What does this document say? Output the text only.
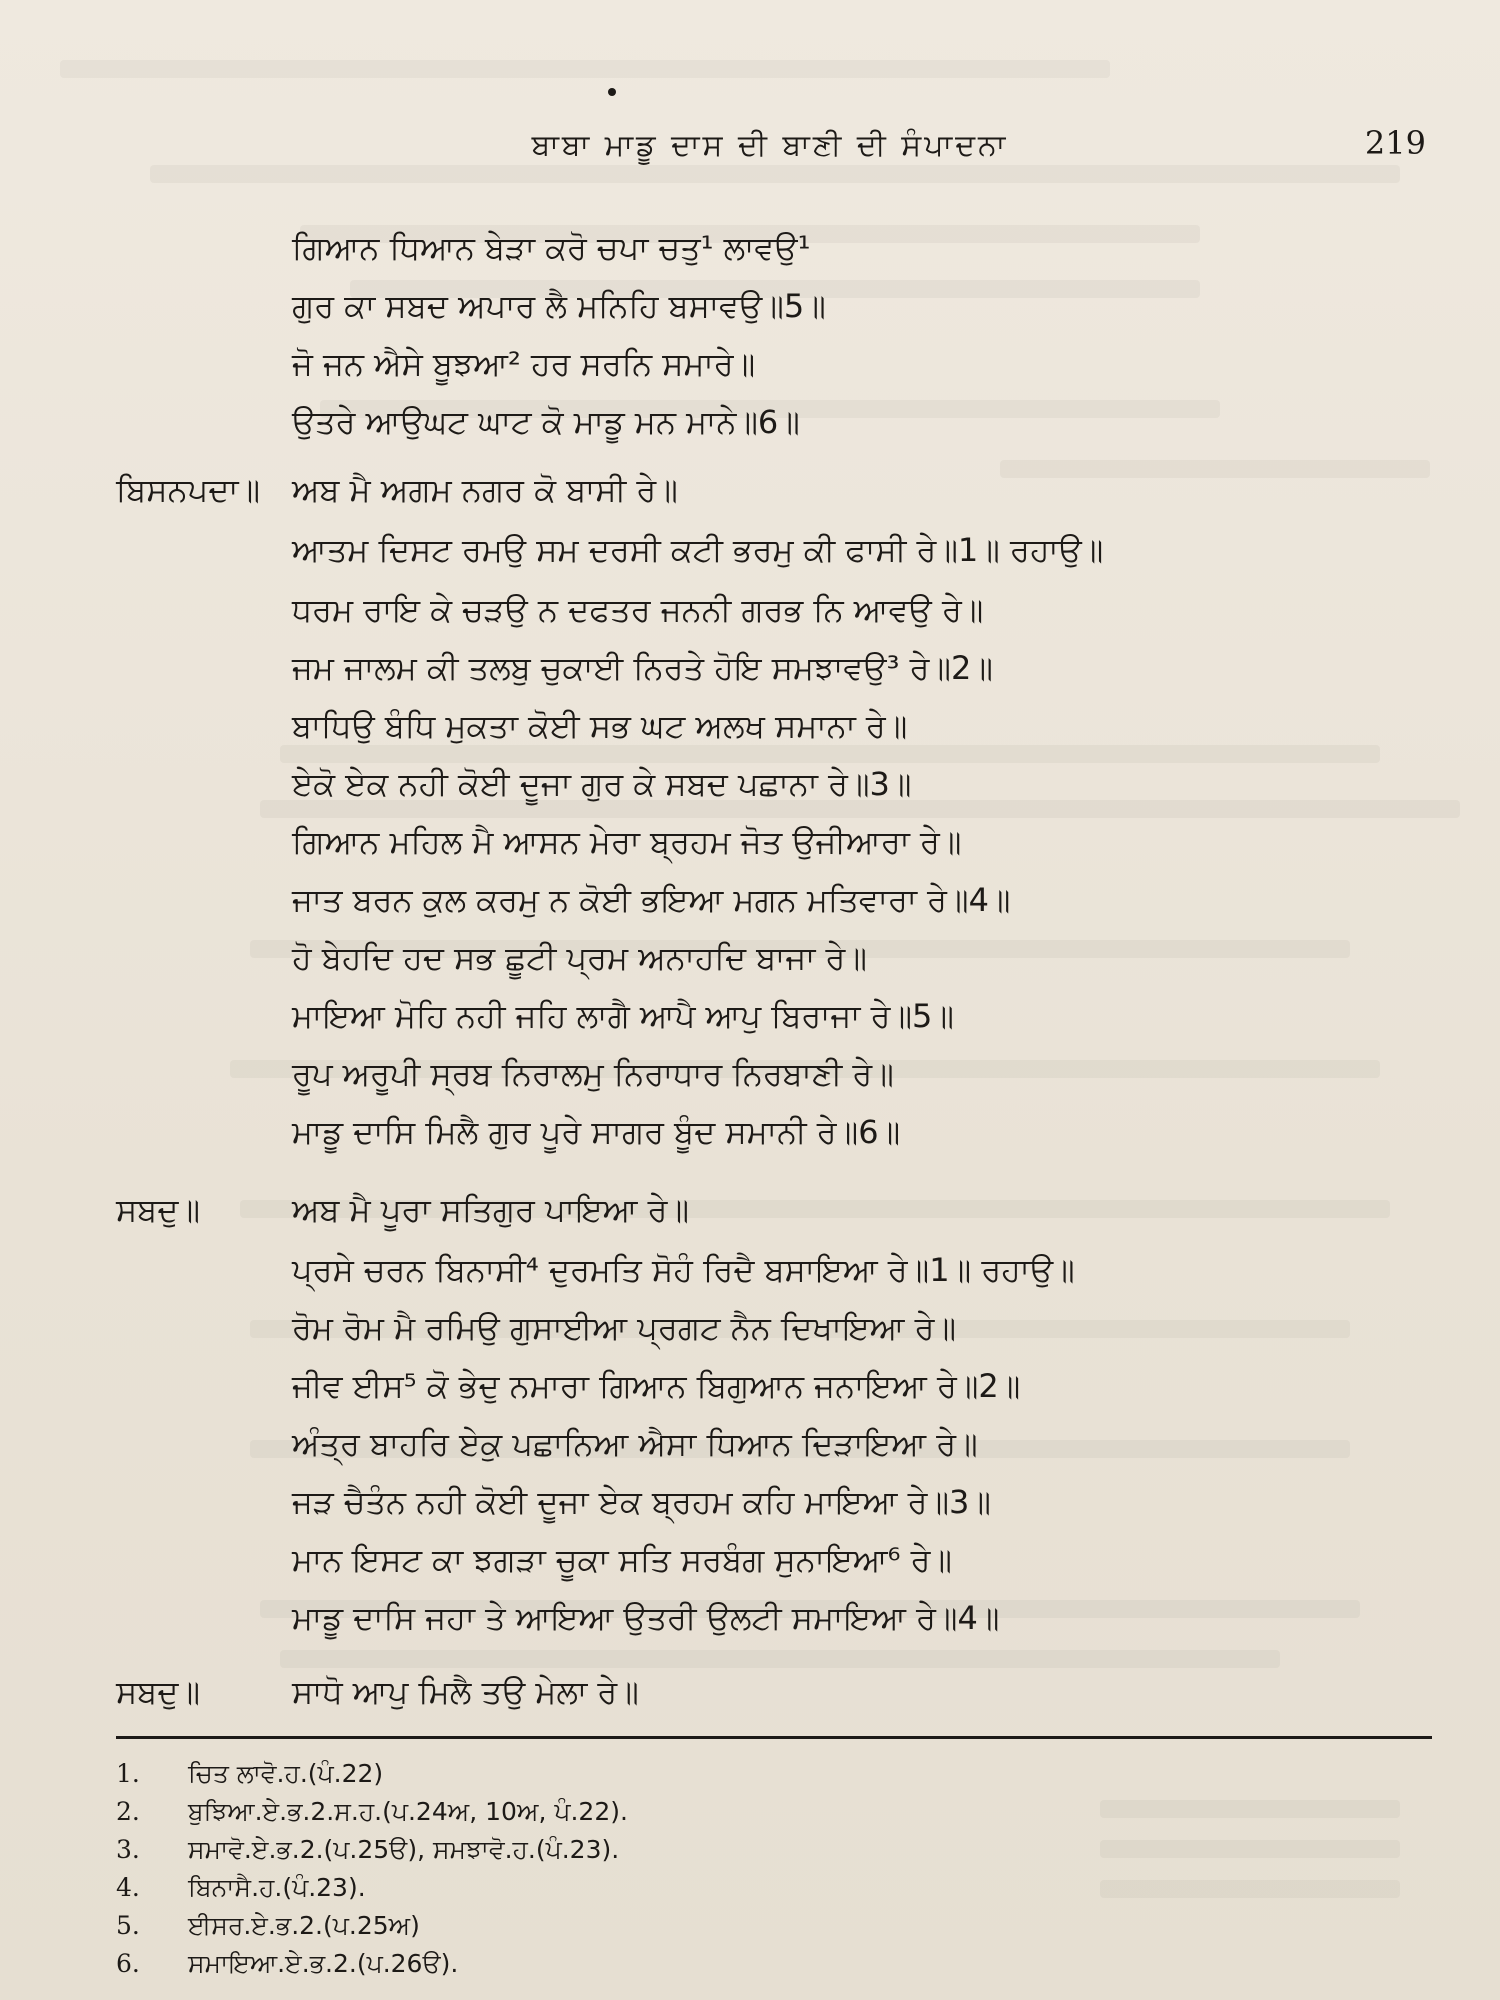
ਬਾਬਾ ਮਾਡੂ ਦਾਸ ਦੀ ਬਾਣੀ ਦੀ ਸੰਪਾਦਨਾ	219
ਗਿਆਨ ਧਿਆਨ ਬੇੜਾ ਕਰੋ ਚਪਾ ਚਤੁ¹ ਲਾਵਉ¹
ਗੁਰ ਕਾ ਸਬਦ ਅਪਾਰ ਲੈ ਮਨਿਹਿ ਬਸਾਵਉ॥5॥
ਜੋ ਜਨ ਐਸੇ ਬੂਝਆ² ਹਰ ਸਰਨਿ ਸਮਾਰੇ॥
ਉਤਰੇ ਆਉਘਟ ਘਾਟ ਕੋ ਮਾਡੂ ਮਨ ਮਾਨੇ॥6॥
ਬਿਸਨਪਦਾ॥ ਅਬ ਮੈ ਅਗਮ ਨਗਰ ਕੋ ਬਾਸੀ ਰੇ॥
ਆਤਮ ਦਿਸਟ ਰਮਉ ਸਮ ਦਰਸੀ ਕਟੀ ਭਰਮੁ ਕੀ ਫਾਸੀ ਰੇ॥1॥ ਰਹਾਉ॥
ਧਰਮ ਰਾਇ ਕੇ ਚੜਉ ਨ ਦਫਤਰ ਜਨਨੀ ਗਰਭ ਨਿ ਆਵਉ ਰੇ॥
ਜਮ ਜਾਲਮ ਕੀ ਤਲਬੁ ਚੁਕਾਈ ਨਿਰਤੇ ਹੋਇ ਸਮਝਾਵਉ³ ਰੇ॥2॥
ਬਾਧਿਉ ਬੰਧਿ ਮੁਕਤਾ ਕੋਈ ਸਭ ਘਟ ਅਲਖ ਸਮਾਨਾ ਰੇ॥
ਏਕੋ ਏਕ ਨਹੀ ਕੋਈ ਦੂਜਾ ਗੁਰ ਕੇ ਸਬਦ ਪਛਾਨਾ ਰੇ॥3॥
ਗਿਆਨ ਮਹਿਲ ਮੈ ਆਸਨ ਮੇਰਾ ਬ੍ਰਹਮ ਜੋਤ ਉਜੀਆਰਾ ਰੇ॥
ਜਾਤ ਬਰਨ ਕੁਲ ਕਰਮੁ ਨ ਕੋਈ ਭਇਆ ਮਗਨ ਮਤਿਵਾਰਾ ਰੇ॥4॥
ਹੋ ਬੇਹਦਿ ਹਦ ਸਭ ਛੂਟੀ ਪ੍ਰਮ ਅਨਾਹਦਿ ਬਾਜਾ ਰੇ॥
ਮਾਇਆ ਮੋਹਿ ਨਹੀ ਜਹਿ ਲਾਗੈ ਆਪੈ ਆਪੁ ਬਿਰਾਜਾ ਰੇ॥5॥
ਰੂਪ ਅਰੂਪੀ ਸ੍ਰਬ ਨਿਰਾਲਮੁ ਨਿਰਾਧਾਰ ਨਿਰਬਾਣੀ ਰੇ॥
ਮਾਡੂ ਦਾਸਿ ਮਿਲੈ ਗੁਰ ਪੂਰੇ ਸਾਗਰ ਬੂੰਦ ਸਮਾਨੀ ਰੇ॥6॥
ਸਬਦੁ॥	ਅਬ ਮੈ ਪੂਰਾ ਸਤਿਗੁਰ ਪਾਇਆ ਰੇ॥
ਪ੍ਰਸੇ ਚਰਨ ਬਿਨਾਸੀ⁴ ਦੁਰਮਤਿ ਸੋਹੰ ਰਿਦੈ ਬਸਾਇਆ ਰੇ॥1॥ ਰਹਾਉ॥
ਰੋਮ ਰੋਮ ਮੈ ਰਮਿਉ ਗੁਸਾਈਆ ਪ੍ਰਗਟ ਨੈਨ ਦਿਖਾਇਆ ਰੇ॥
ਜੀਵ ਈਸ⁵ ਕੋ ਭੇਦੁ ਨਮਾਰਾ ਗਿਆਨ ਬਿਗੁਆਨ ਜਨਾਇਆ ਰੇ॥2॥
ਅੰਤ੍ਰ ਬਾਹਰਿ ਏਕੁ ਪਛਾਨਿਆ ਐਸਾ ਧਿਆਨ ਦਿੜਾਇਆ ਰੇ॥
ਜੜ ਚੈਤੰਨ ਨਹੀ ਕੋਈ ਦੂਜਾ ਏਕ ਬ੍ਰਹਮ ਕਹਿ ਮਾਇਆ ਰੇ॥3॥
ਮਾਨ ਇਸਟ ਕਾ ਝਗੜਾ ਚੂਕਾ ਸਤਿ ਸਰਬੰਗ ਸੁਨਾਇਆ⁶ ਰੇ॥
ਮਾਡੂ ਦਾਸਿ ਜਹਾ ਤੇ ਆਇਆ ਉਤਰੀ ਉਲਟੀ ਸਮਾਇਆ ਰੇ॥4॥
ਸਬਦੁ॥	ਸਾਧੋ ਆਪੁ ਮਿਲੈ ਤਉ ਮੇਲਾ ਰੇ॥
1. ਚਿਤ ਲਾਵੋ.ਹ.(ਪੰ.22)
2. ਬੁਝਿਆ.ਏ.ਭ.2.ਸ.ਹ.(ਪ.24ਅ, 10ਅ, ਪੰ.22).
3. ਸਮਾਵੋ.ਏ.ਭ.2.(ਪ.25ੳ), ਸਮਝਾਵੋ.ਹ.(ਪੰ.23).
4. ਬਿਨਾਸੈ.ਹ.(ਪੰ.23).
5. ਈਸਰ.ਏ.ਭ.2.(ਪ.25ਅ)
6. ਸਮਾਇਆ.ਏ.ਭ.2.(ਪ.26ੳ).
